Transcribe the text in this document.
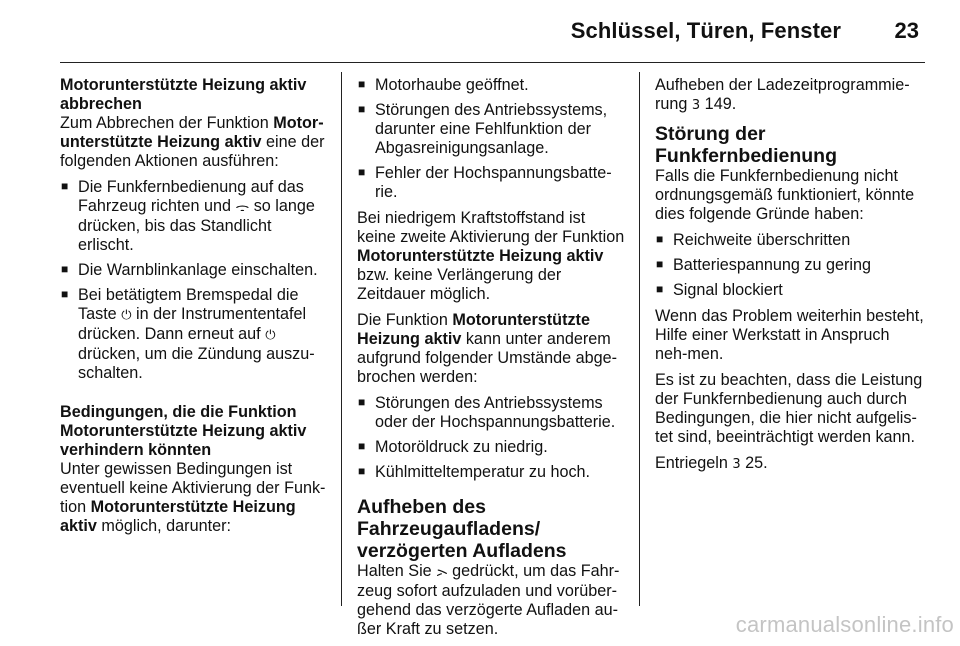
Schlüssel, Türen, Fenster 23

Motorunterstützte Heizung aktiv
abbrechen

Zum Abbrechen der Funktion Motor-unterstützte Heizung aktiv eine der folgenden Aktionen ausführen:

■ Die Funkfernbedienung auf das Fahrzeug richten und ᯙ so lange drücken, bis das Standlicht erlischt.
■ Die Warnblinkanlage einschalten.
■ Bei betätigtem Bremspedal die Taste ⏻ in der Instrumententafel drücken. Dann erneut auf ⏻ drücken, um die Zündung auszu-schalten.

Bedingungen, die die Funktion
Motorunterstützte Heizung aktiv
verhindern könnten

Unter gewissen Bedingungen ist eventuell keine Aktivierung der Funk-tion Motorunterstützte Heizung aktiv möglich, darunter:

■ Motorhaube geöffnet.
■ Störungen des Antriebssystems, darunter eine Fehlfunktion der Abgasreinigungsanlage.
■ Fehler der Hochspannungsbatte-rie.

Bei niedrigem Kraftstoffstand ist keine zweite Aktivierung der Funktion Motorunterstützte Heizung aktiv bzw. keine Verlängerung der Zeitdauer möglich.

Die Funktion Motorunterstützte Heizung aktiv kann unter anderem aufgrund folgender Umstände abge-brochen werden:

■ Störungen des Antriebssystems oder der Hochspannungsbatterie.
■ Motoröldruck zu niedrig.
■ Kühlmitteltemperatur zu hoch.

Aufheben des
Fahrzeugaufladens/
verzögerten Aufladens

Halten Sie ᯢ gedrückt, um das Fahr-zeug sofort aufzuladen und vorüber-gehend das verzögerte Aufladen au-ßer Kraft zu setzen.

Aufheben der Ladezeitprogrammie-rung 3 149.

Störung der Funkfernbedienung

Falls die Funkfernbedienung nicht ordnungsgemäß funktioniert, könnte dies folgende Gründe haben:

■ Reichweite überschritten
■ Batteriespannung zu gering
■ Signal blockiert

Wenn das Problem weiterhin besteht, Hilfe einer Werkstatt in Anspruch neh-men.

Es ist zu beachten, dass die Leistung der Funkfernbedienung auch durch Bedingungen, die hier nicht aufgelis-tet sind, beeinträchtigt werden kann.

Entriegeln 3 25.

carmanualsonline.info
